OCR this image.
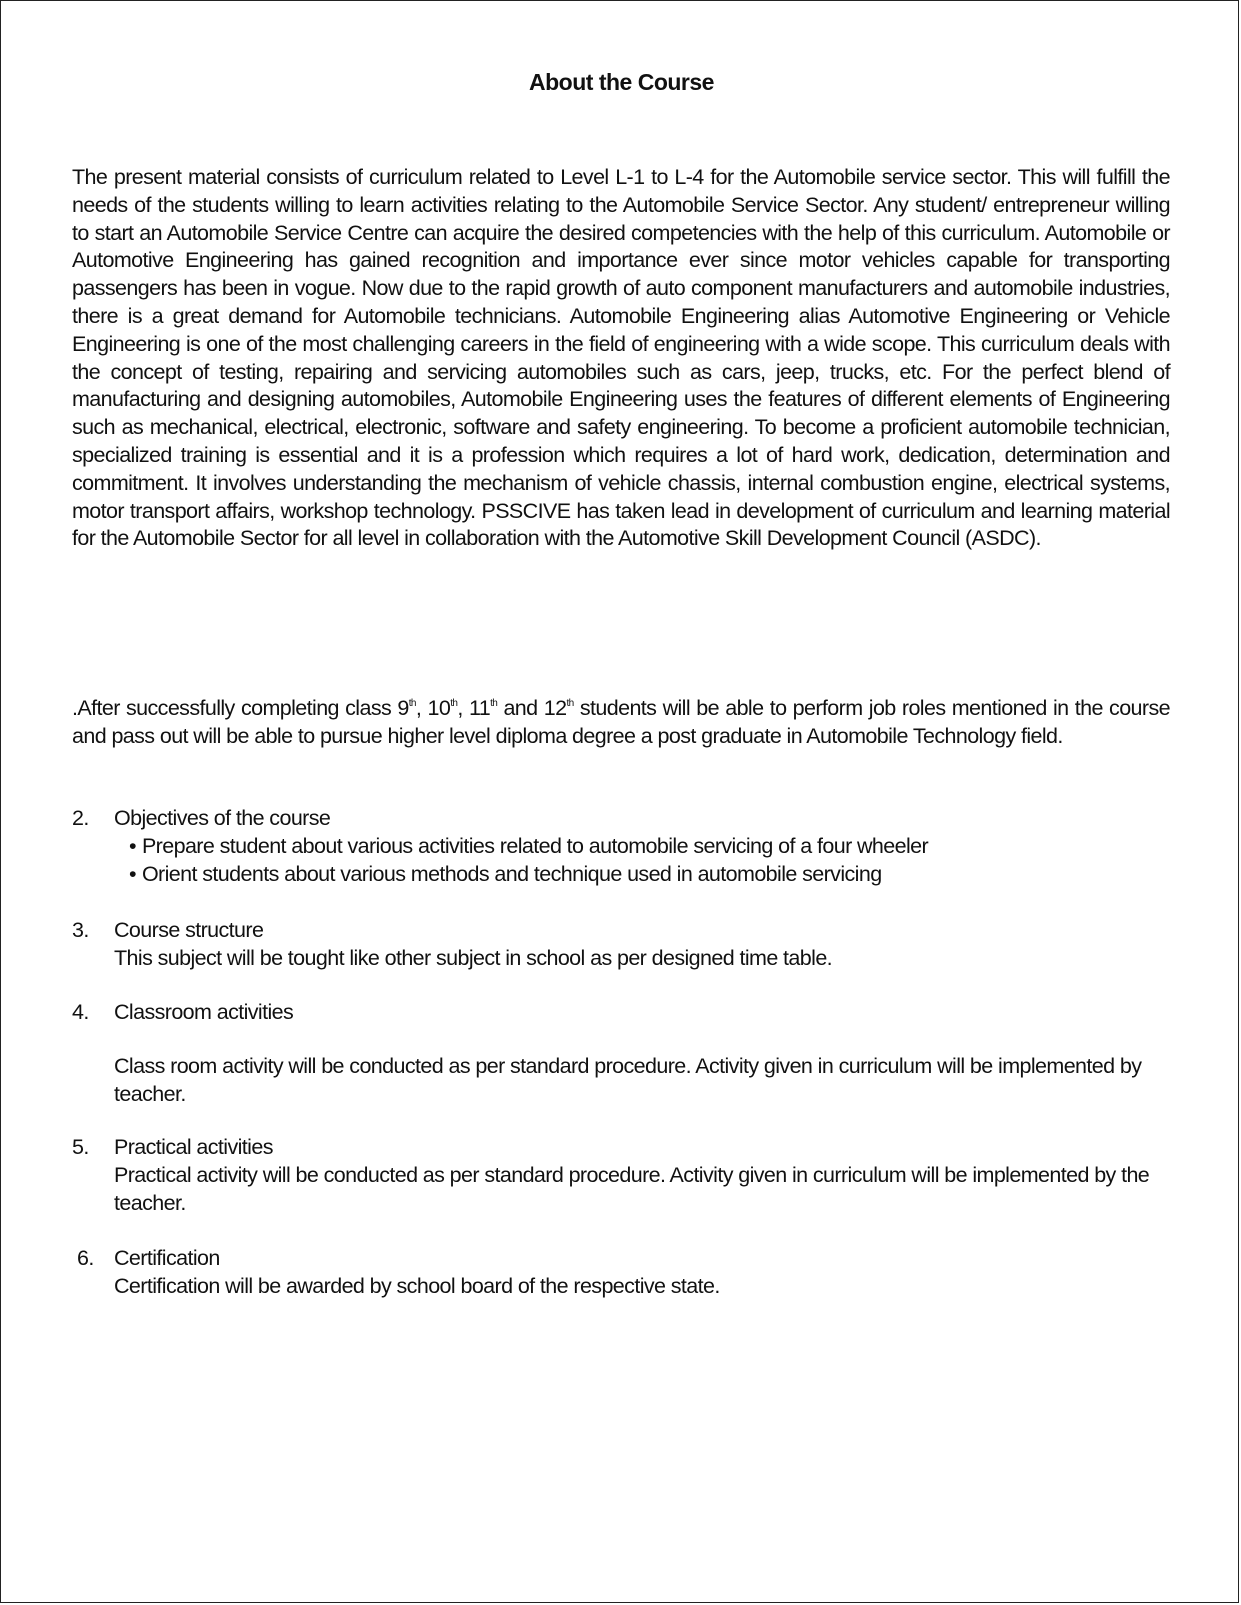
About the Course
The present material consists of curriculum related to Level L-1 to L-4 for the Automobile service sector. This will fulfill the needs of the students willing to learn activities relating to the Automobile Service Sector. Any student/ entrepreneur willing to start an Automobile Service Centre can acquire the desired competencies with the help of this curriculum. Automobile or Automotive Engineering has gained recognition and importance ever since motor vehicles capable for transporting passengers has been in vogue. Now due to the rapid growth of auto component manufacturers and automobile industries, there is a great demand for Automobile technicians. Automobile Engineering alias Automotive Engineering or Vehicle Engineering is one of the most challenging careers in the field of engineering with a wide scope. This curriculum deals with the concept of testing, repairing and servicing automobiles such as cars, jeep, trucks, etc. For the perfect blend of manufacturing and designing automobiles, Automobile Engineering uses the features of different elements of Engineering such as mechanical, electrical, electronic, software and safety engineering. To become a proficient automobile technician, specialized training is essential and it is a profession which requires a lot of hard work, dedication, determination and commitment. It involves understanding the mechanism of vehicle chassis, internal combustion engine, electrical systems, motor transport affairs, workshop technology. PSSCIVE has taken lead in development of curriculum and learning material for the Automobile Sector for all level in collaboration with the Automotive Skill Development Council (ASDC).
.After successfully completing class 9th, 10th, 11th and 12th students will be able to perform job roles mentioned in the course and pass out will be able to pursue higher level diploma degree a post graduate in Automobile Technology field.
2. Objectives of the course
• Prepare student about various activities related to automobile servicing of a four wheeler
• Orient students about various methods and technique used in automobile servicing
3. Course structure
This subject will be tought like other subject in school as per designed time table.
4. Classroom activities
Class room activity will be conducted as per standard procedure. Activity given in curriculum will be implemented by teacher.
5. Practical activities
Practical activity will be conducted as per standard procedure. Activity given in curriculum will be implemented by the teacher.
6. Certification
Certification will be awarded by school board of the respective state.
